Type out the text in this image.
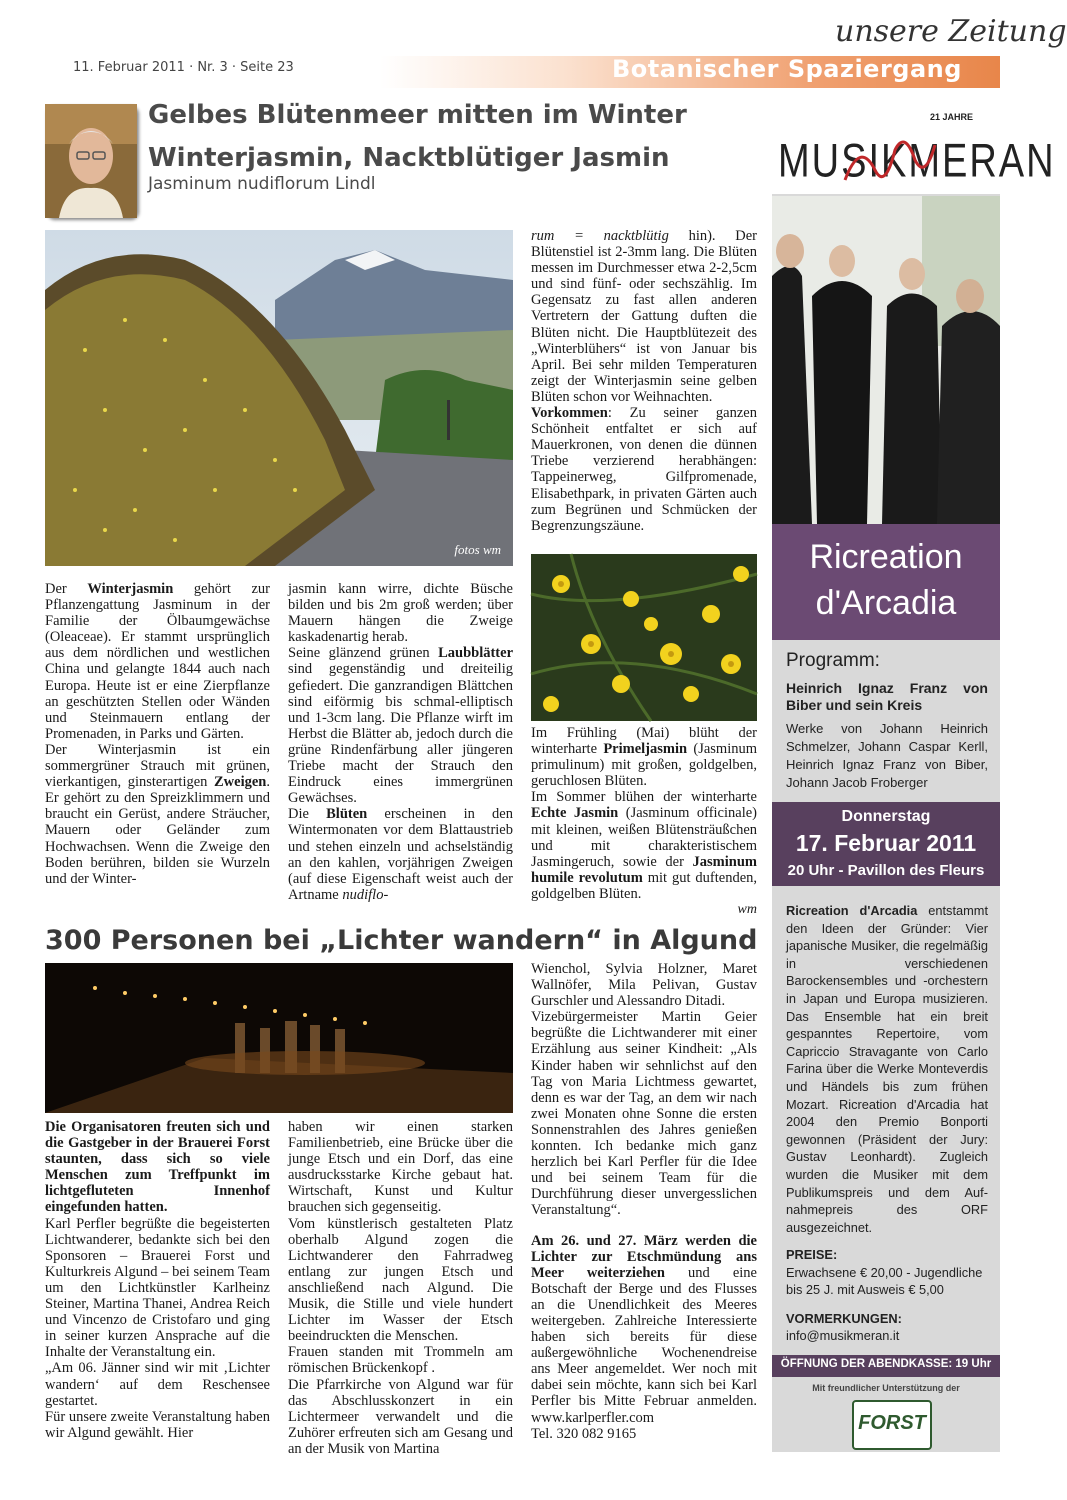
11. Februar 2011 · Nr. 3 · Seite 23	Botanischer Spaziergang
unsere Zeitung
Gelbes Blütenmeer mitten im Winter
Winterjasmin, Nacktblütiger Jasmin
Jasminum nudiflorum Lindl
fotos wm

Der Winterjasmin gehört zur Pflanzengattung Jasminum in der Familie der Ölbaumgewächse (Oleaceae). Er stammt ursprünglich aus dem nördlichen und westlichen China und gelangte 1844 auch nach Europa. Heute ist er eine Zierpflanze an geschützten Stellen oder Wänden und Steinmauern entlang der Promenaden, in Parks und Gärten.

Der Winterjasmin ist ein sommergrüner Strauch mit grünen, vierkantigen, ginsterartigen Zweigen. Er gehört zu den Spreizklimmern und braucht ein Gerüst, andere Sträucher, Mauern oder Geländer zum Hochwachsen. Wenn die Zweige den Boden berühren, bilden sie Wurzeln und der Winter-

jasmin kann wirre, dichte Büsche bilden und bis 2m groß werden; über Mauern hängen die Zweige kaskadenartig herab.

Seine glänzend grünen Laubblätter sind gegenständig und dreiteilig gefiedert. Die ganzrandigen Blättchen sind eiförmig bis schmal-elliptisch und 1-3cm lang. Die Pflanze wirft im Herbst die Blätter ab, jedoch durch die grüne Rindenfärbung aller jüngeren Triebe macht der Strauch den Eindruck eines immergrünen Gewächses.

Die Blüten erscheinen in den Wintermonaten vor dem Blattaustrieb und stehen einzeln und achselständig an den kahlen, vorjährigen Zweigen (auf diese Eigenschaft weist auch der Artname nudiflo-

rum = nacktblütig hin). Der Blütenstiel ist 2-3mm lang. Die Blüten messen im Durchmesser etwa 2-2,5cm und sind fünf- oder sechszählig. Im Gegensatz zu fast allen anderen Vertretern der Gattung duften die Blüten nicht. Die Hauptblütezeit des „Winterblühers“ ist von Januar bis April. Bei sehr milden Temperaturen zeigt der Winterjasmin seine gelben Blüten schon vor Weihnachten.

Vorkommen: Zu seiner ganzen Schönheit entfaltet er sich auf Mauerkronen, von denen die dünnen Triebe verzierend herabhängen: Tappeinerweg, Gilfpromenade, Elisabethpark, in privaten Gärten auch zum Begrünen und Schmücken der Begrenzungszäune.

Im Frühling (Mai) blüht der winterharte Primeljasmin (Jasminum primulinum) mit großen, goldgelben, geruchlosen Blüten.

Im Sommer blühen der winterharte Echte Jasmin (Jasminum officinale) mit kleinen, weißen Blütensträußchen und mit charakteristischem Jasmingeruch, sowie der Jasminum humile revolutum mit gut duftenden, goldgelben Blüten.

wm

300 Personen bei „Lichter wandern“ in Algund

Die Organisatoren freuten sich und die Gastgeber in der Brauerei Forst staunten, dass sich so viele Menschen zum Treffpunkt im lichtgefluteten Innenhof eingefunden hatten.

Karl Perfler begrüßte die begeisterten Lichtwanderer, bedankte sich bei den Sponsoren – Brauerei Forst und Kulturkreis Algund – bei seinem Team um den Lichtkünstler Karlheinz Steiner, Martina Thanei, Andrea Reich und Vincenzo de Cristofaro und ging in seiner kurzen Ansprache auf die Inhalte der Veranstaltung ein.

„Am 06. Jänner sind wir mit ‚Lichter wandern‘ auf dem Reschensee gestartet.

Für unsere zweite Veranstaltung haben wir Algund gewählt. Hier

haben wir einen starken Familienbetrieb, eine Brücke über die junge Etsch und ein Dorf, das eine ausdrucksstarke Kirche gebaut hat. Wirtschaft, Kunst und Kultur brauchen sich gegenseitig.

Vom künstlerisch gestalteten Platz oberhalb Algund zogen die Lichtwanderer den Fahrradweg entlang zur jungen Etsch und anschließend nach Algund. Die Musik, die Stille und viele hundert Lichter im Wasser der Etsch beeindruckten die Menschen.

Frauen standen mit Trommeln am römischen Brückenkopf .

Die Pfarrkirche von Algund war für das Abschlusskonzert in ein Lichtermeer verwandelt und die Zuhörer erfreuten sich am Gesang und an der Musik von Martina

Wienchol, Sylvia Holzner, Maret Wallnöfer, Mila Pelivan, Gustav Gurschler und Alessandro Ditadi.

Vizebürgermeister Martin Geier begrüßte die Lichtwanderer mit einer Erzählung aus seiner Kindheit: „Als Kinder haben wir sehnlichst auf den Tag von Maria Lichtmess gewartet, denn es war der Tag, an dem wir nach zwei Monaten ohne Sonne die ersten Sonnenstrahlen des Jahres genießen konnten. Ich bedanke mich ganz herzlich bei Karl Perfler für die Idee und bei seinem Team für die Durchführung dieser unvergesslichen Veranstaltung“.

Am 26. und 27. März werden die Lichter zur Etschmündung ans Meer weiterziehen und eine Botschaft der Berge und des Flusses an die Unendlichkeit des Meeres weitergeben. Zahlreiche Interessierte haben sich bereits für diese außergewöhnliche Wochenendreise ans Meer angemeldet. Wer noch mit dabei sein möchte, kann sich bei Karl Perfler bis Mitte Februar anmelden. www.karlperfler.com

Tel. 320 082 9165

21 JAHRE
MUSIKMERAN
Ricreation
d'Arcadia
Programm:
Heinrich Ignaz Franz von Biber und sein Kreis
Werke von Johann Heinrich Schmelzer, Johann Caspar Kerll, Heinrich Ignaz Franz von Biber, Johann Jacob Froberger
Donnerstag
17. Februar 2011
20 Uhr - Pavillon des Fleurs
Ricreation d'Arcadia entstammt den Ideen der Gründer: Vier japanische Musiker, die regelmäßig in verschiedenen Barockensembles und -orchestern in Japan und Europa musizieren. Das Ensemble hat ein breit gespanntes Repertoire, vom Capriccio Stravagante von Carlo Farina über die Werke Monteverdis und Händels bis zum frühen Mozart. Ricreation d'Arcadia hat 2004 den Premio Bonporti gewonnen (Präsident der Jury: Gustav Leonhardt). Zugleich wurden die Musiker mit dem Publikumspreis und dem Auf-nahmepreis des ORF ausgezeichnet.
PREISE:
Erwachsene € 20,00 - Jugendliche bis 25 J. mit Ausweis € 5,00
VORMERKUNGEN:
info@musikmeran.it
ÖFFNUNG DER ABENDKASSE: 19 Uhr
Mit freundlicher Unterstützung der
FORST
